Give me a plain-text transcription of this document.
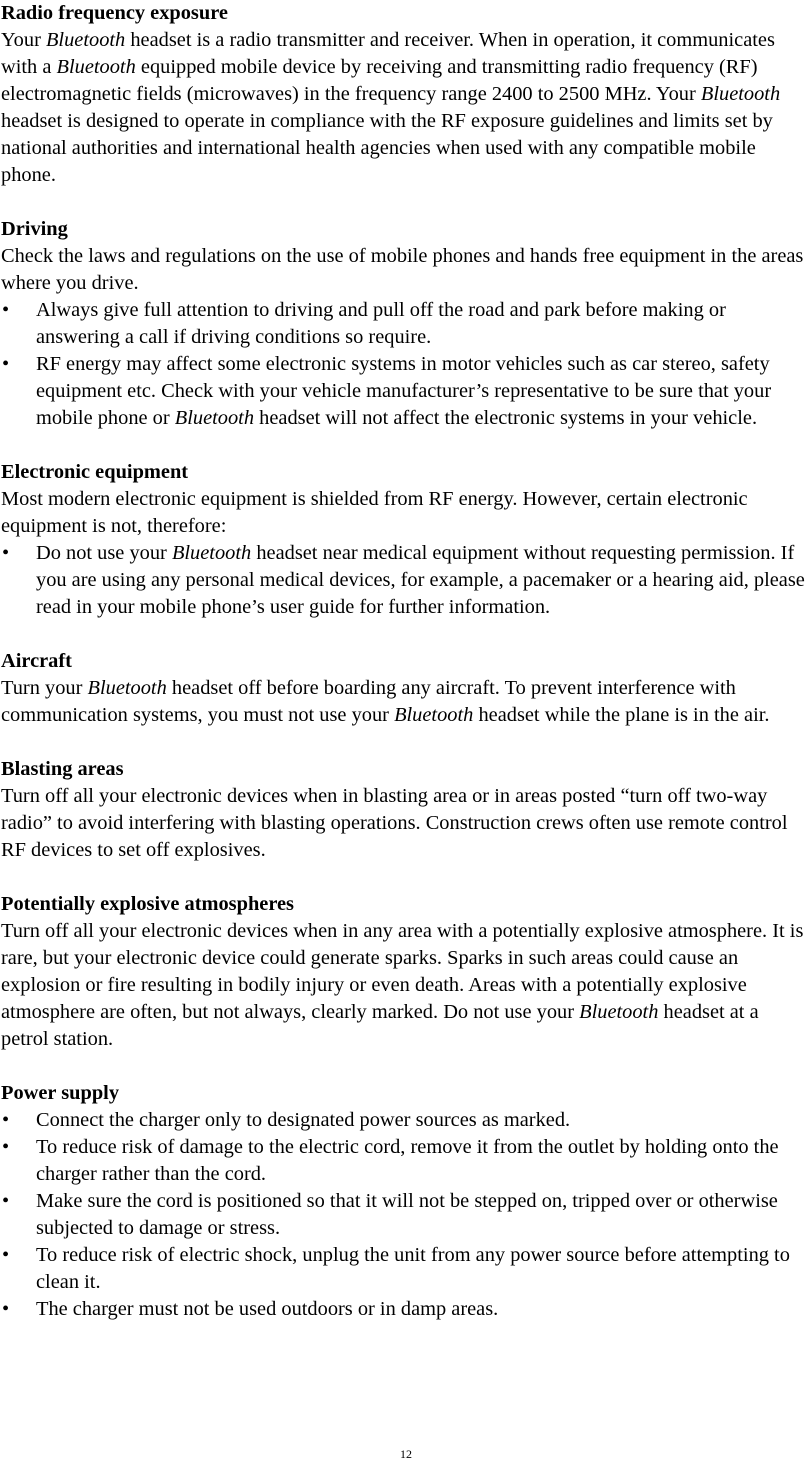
Radio frequency exposure

Your Bluetooth headset is a radio transmitter and receiver. When in operation, it communicates with a Bluetooth equipped mobile device by receiving and transmitting radio frequency (RF) electromagnetic fields (microwaves) in the frequency range 2400 to 2500 MHz. Your Bluetooth headset is designed to operate in compliance with the RF exposure guidelines and limits set by national authorities and international health agencies when used with any compatible mobile phone.

Driving

Check the laws and regulations on the use of mobile phones and hands free equipment in the areas where you drive.

• Always give full attention to driving and pull off the road and park before making or answering a call if driving conditions so require.
• RF energy may affect some electronic systems in motor vehicles such as car stereo, safety equipment etc. Check with your vehicle manufacturer’s representative to be sure that your mobile phone or Bluetooth headset will not affect the electronic systems in your vehicle.
Electronic equipment

Most modern electronic equipment is shielded from RF energy. However, certain electronic equipment is not, therefore:

• Do not use your Bluetooth headset near medical equipment without requesting permission. If you are using any personal medical devices, for example, a pacemaker or a hearing aid, please read in your mobile phone’s user guide for further information.
Aircraft

Turn your Bluetooth headset off before boarding any aircraft. To prevent interference with communication systems, you must not use your Bluetooth headset while the plane is in the air.

Blasting areas

Turn off all your electronic devices when in blasting area or in areas posted “turn off two-way radio” to avoid interfering with blasting operations. Construction crews often use remote control RF devices to set off explosives.

Potentially explosive atmospheres

Turn off all your electronic devices when in any area with a potentially explosive atmosphere. It is rare, but your electronic device could generate sparks. Sparks in such areas could cause an explosion or fire resulting in bodily injury or even death. Areas with a potentially explosive atmosphere are often, but not always, clearly marked. Do not use your Bluetooth headset at a petrol station.

Power supply
• Connect the charger only to designated power sources as marked.
• To reduce risk of damage to the electric cord, remove it from the outlet by holding onto the charger rather than the cord.
• Make sure the cord is positioned so that it will not be stepped on, tripped over or otherwise subjected to damage or stress.
• To reduce risk of electric shock, unplug the unit from any power source before attempting to clean it.
• The charger must not be used outdoors or in damp areas.
12
